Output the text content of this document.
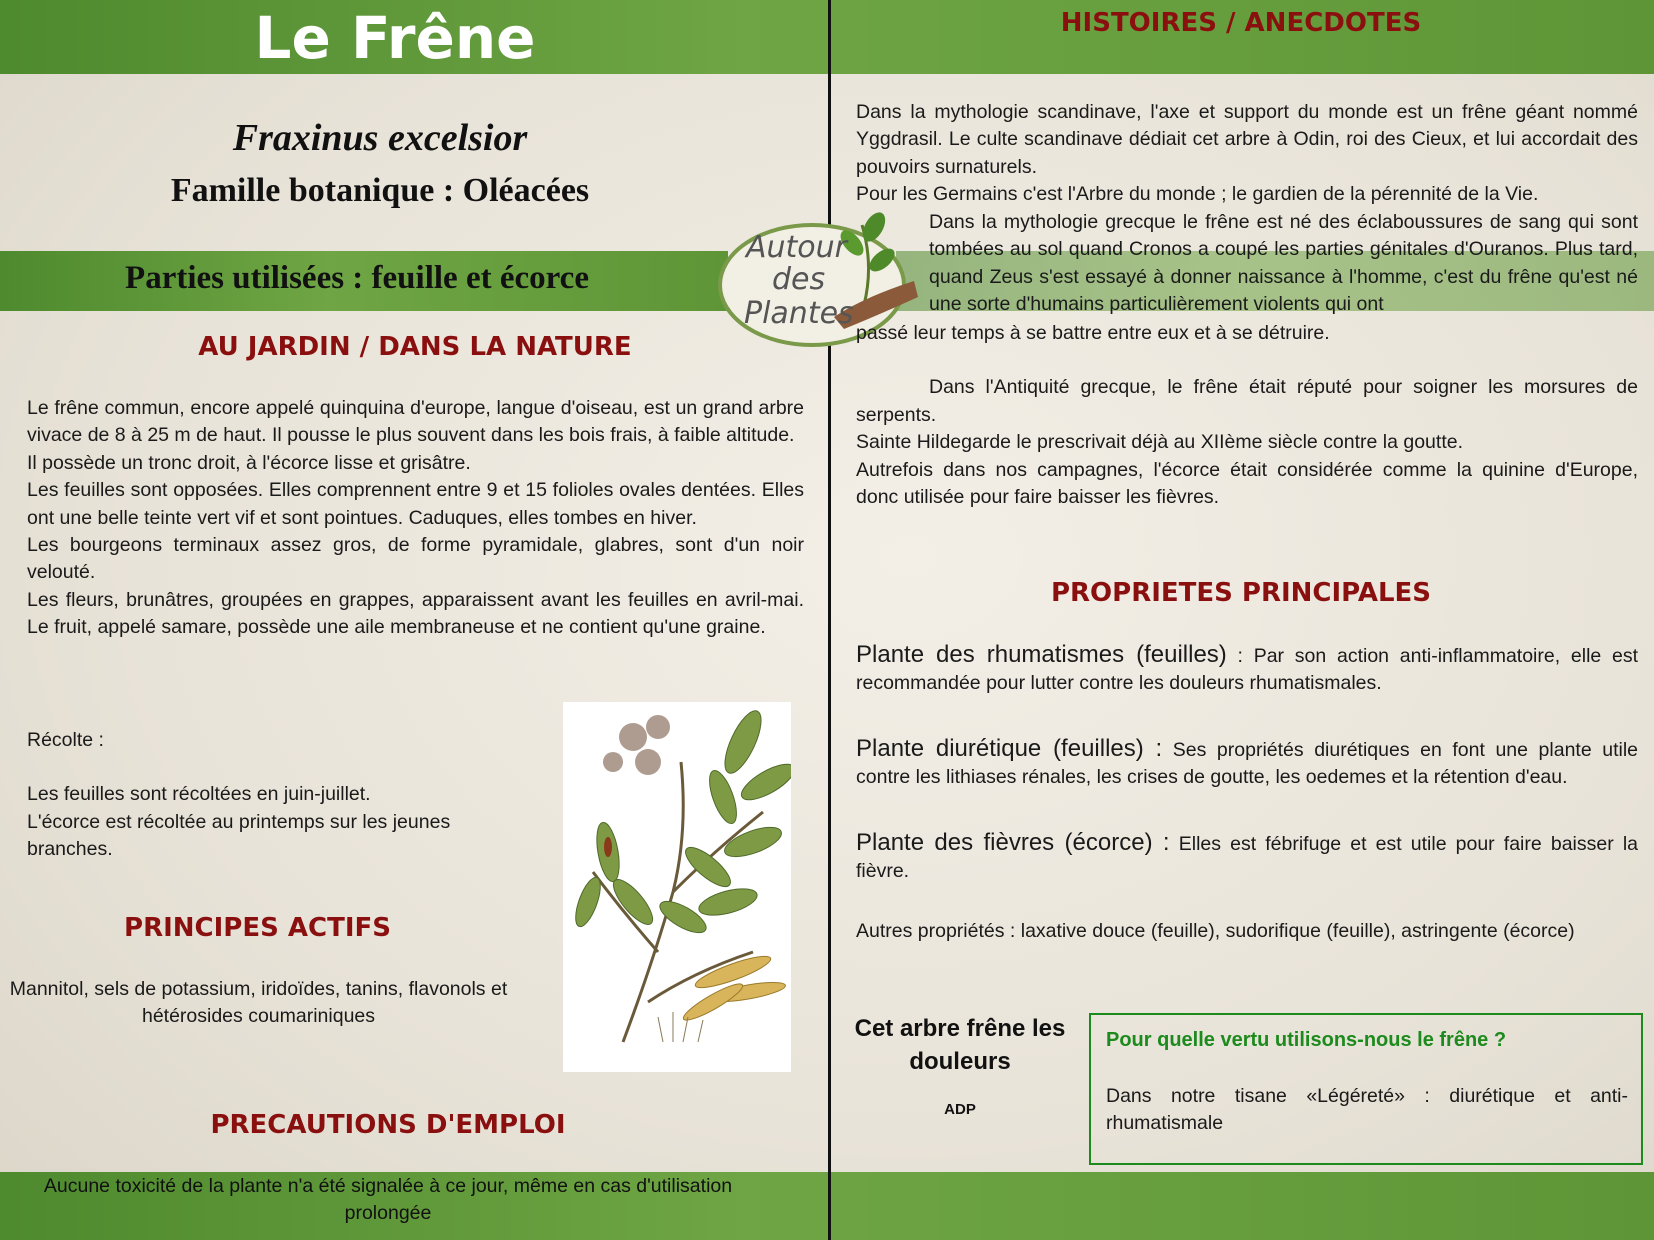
Le Frêne
Fraxinus excelsior
Famille botanique : Oléacées
Parties utilisées : feuille et écorce
AU JARDIN / DANS LA NATURE

Le frêne commun, encore appelé quinquina d'europe, langue d'oiseau, est un grand arbre vivace de 8 à 25 m de haut. Il pousse le plus souvent dans les bois frais, à faible altitude.

Il possède un tronc droit, à l'écorce lisse et grisâtre.

Les feuilles sont opposées. Elles comprennent entre 9 et 15 folioles ovales dentées. Elles ont une belle teinte vert vif et sont pointues. Caduques, elles tombes en hiver.

Les bourgeons terminaux assez gros, de forme pyramidale, glabres, sont d'un noir velouté.

Les fleurs, brunâtres, groupées en grappes, apparaissent avant les feuilles en avril-mai. Le fruit, appelé samare, possède une aile membraneuse et ne contient qu'une graine.

Récolte :

Les feuilles sont récoltées en juin-juillet.

L'écorce est récoltée au printemps sur les jeunes branches.

PRINCIPES ACTIFS
Mannitol, sels de potassium, iridoïdes, tanins, flavonols et hétérosides coumariniques
PRECAUTIONS D'EMPLOI
Aucune toxicité de la plante n'a été signalée à ce jour, même en cas d'utilisation prolongée
Autour
des
Plantes
HISTOIRES / ANECDOTES

Dans la mythologie scandinave, l'axe et support du monde est un frêne géant nommé Yggdrasil. Le culte scandinave dédiait cet arbre à Odin, roi des Cieux, et lui accordait des pouvoirs surnaturels.

Pour les Germains c'est l'Arbre du monde ; le gardien de la pérennité de la Vie.

Dans la mythologie grecque le frêne est né des éclaboussures de sang qui sont tombées au sol quand Cronos a coupé les parties génitales d'Ouranos. Plus tard, quand Zeus s'est essayé à donner naissance à l'homme, c'est du frêne qu'est né une sorte d'humains particulièrement violents qui ont

passé leur temps à se battre entre eux et à se détruire.

Dans l'Antiquité grecque, le frêne était réputé pour soigner les morsures de serpents.

Sainte Hildegarde le prescrivait déjà au XIIème siècle contre la goutte.

Autrefois dans nos campagnes, l'écorce était considérée comme la quinine d'Europe, donc utilisée pour faire baisser les fièvres.

PROPRIETES PRINCIPALES

Plante des rhumatismes (feuilles) : Par son action anti-inflammatoire, elle est recommandée pour lutter contre les douleurs rhumatismales.

Plante diurétique (feuilles) : Ses propriétés diurétiques en font une plante utile contre les lithiases rénales, les crises de goutte, les oedemes et la rétention d'eau.

Plante des fièvres (écorce) : Elles est fébrifuge et est utile pour faire baisser la fièvre.

Autres propriétés : laxative douce (feuille), sudorifique (feuille), astringente (écorce)
Cet arbre frêne les douleurs
ADP
Pour quelle vertu utilisons-nous le frêne ?
Dans notre tisane «Légéreté» : diurétique et anti-rhumatismale
